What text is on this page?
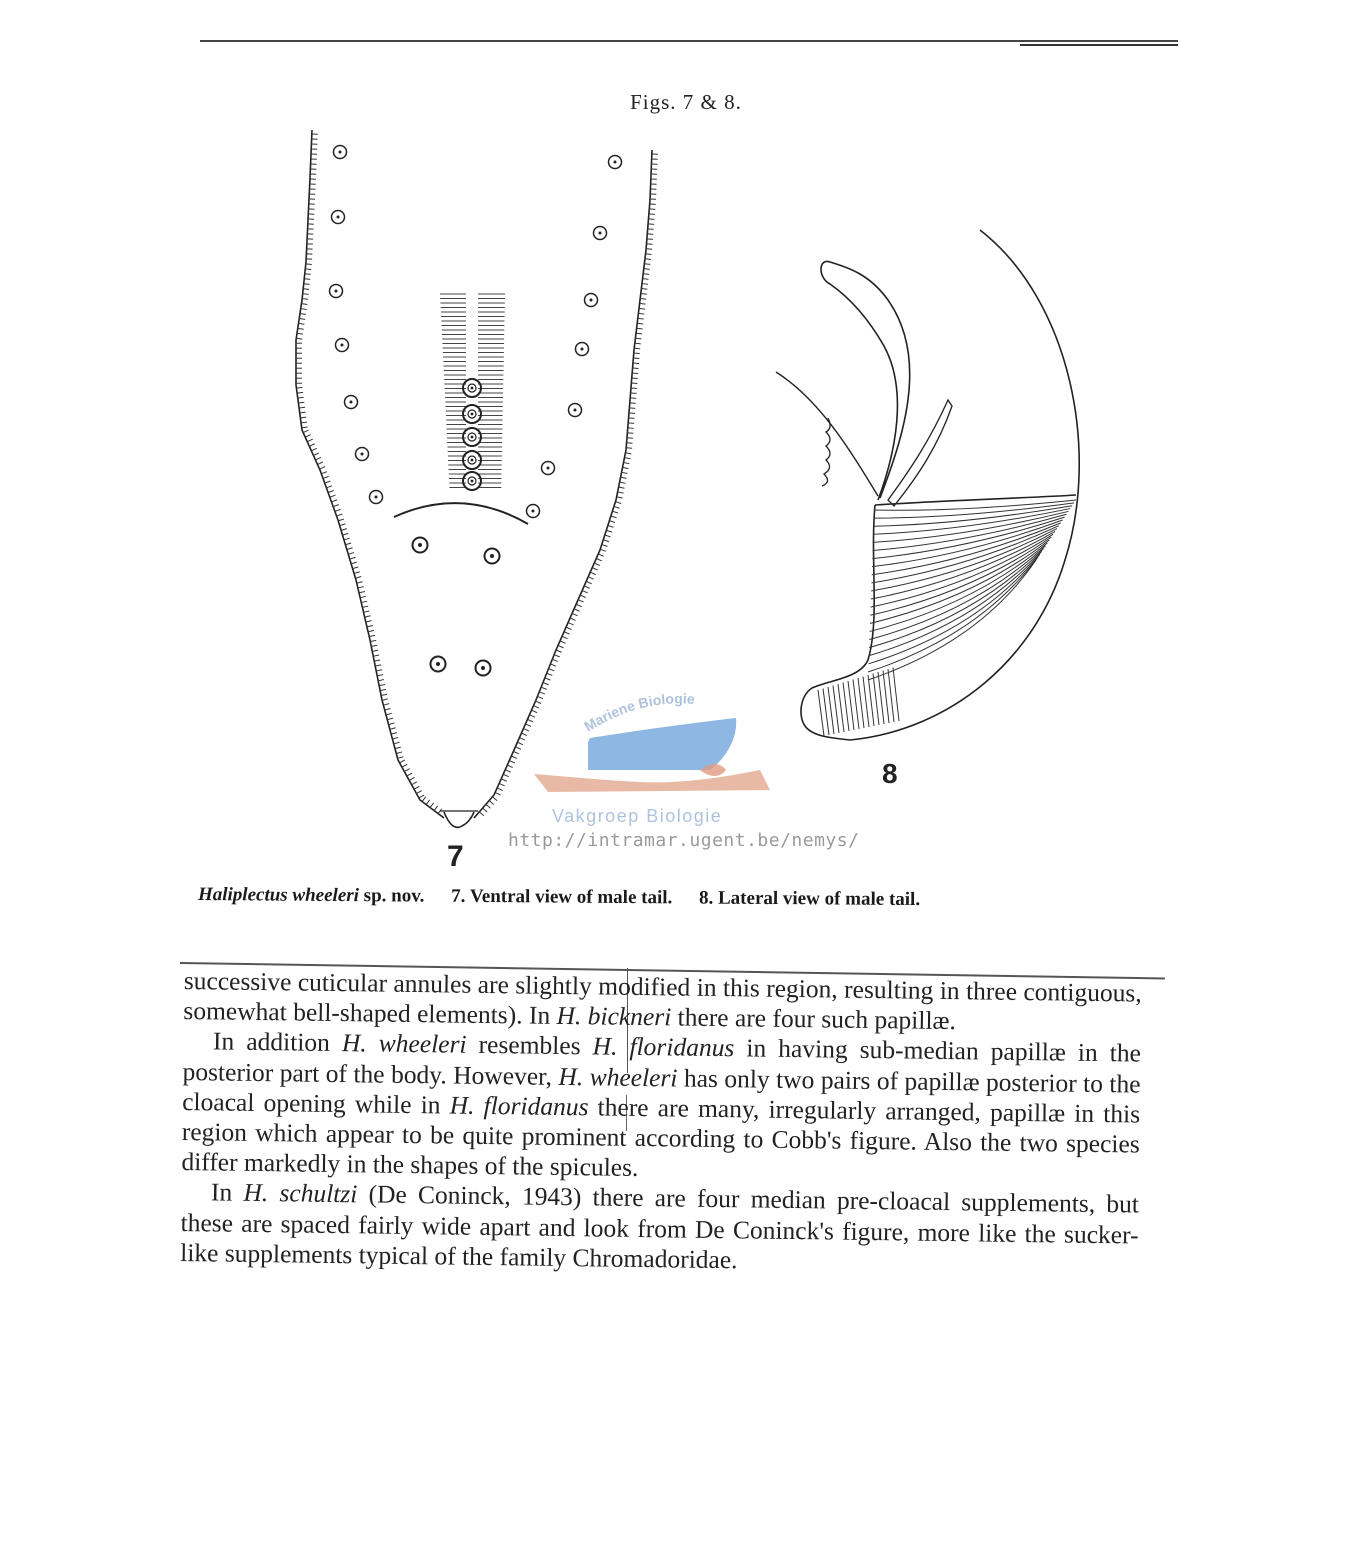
Figs. 7 & 8.
7
8
Mariene Biologie
Vakgroep Biologie
http://intramar.ugent.be/nemys/
Haliplectus wheeleri sp. nov. 7. Ventral view of male tail. 8. Lateral view of male tail.

successive cuticular annules are slightly modified in this region, resulting in three contiguous, somewhat bell-shaped elements). In H. bickneri there are four such papillæ.

In addition H. wheeleri resembles H. floridanus in having sub-median papillæ in the posterior part of the body. However, H. wheeleri has only two pairs of papillæ posterior to the cloacal opening while in H. floridanus there are many, irregularly arranged, papillæ in this region which appear to be quite prominent according to Cobb's figure. Also the two species differ markedly in the shapes of the spicules.

In H. schultzi (De Coninck, 1943) there are four median pre-cloacal supplements, but these are spaced fairly wide apart and look from De Coninck's figure, more like the sucker-like supplements typical of the family Chromadoridae.
